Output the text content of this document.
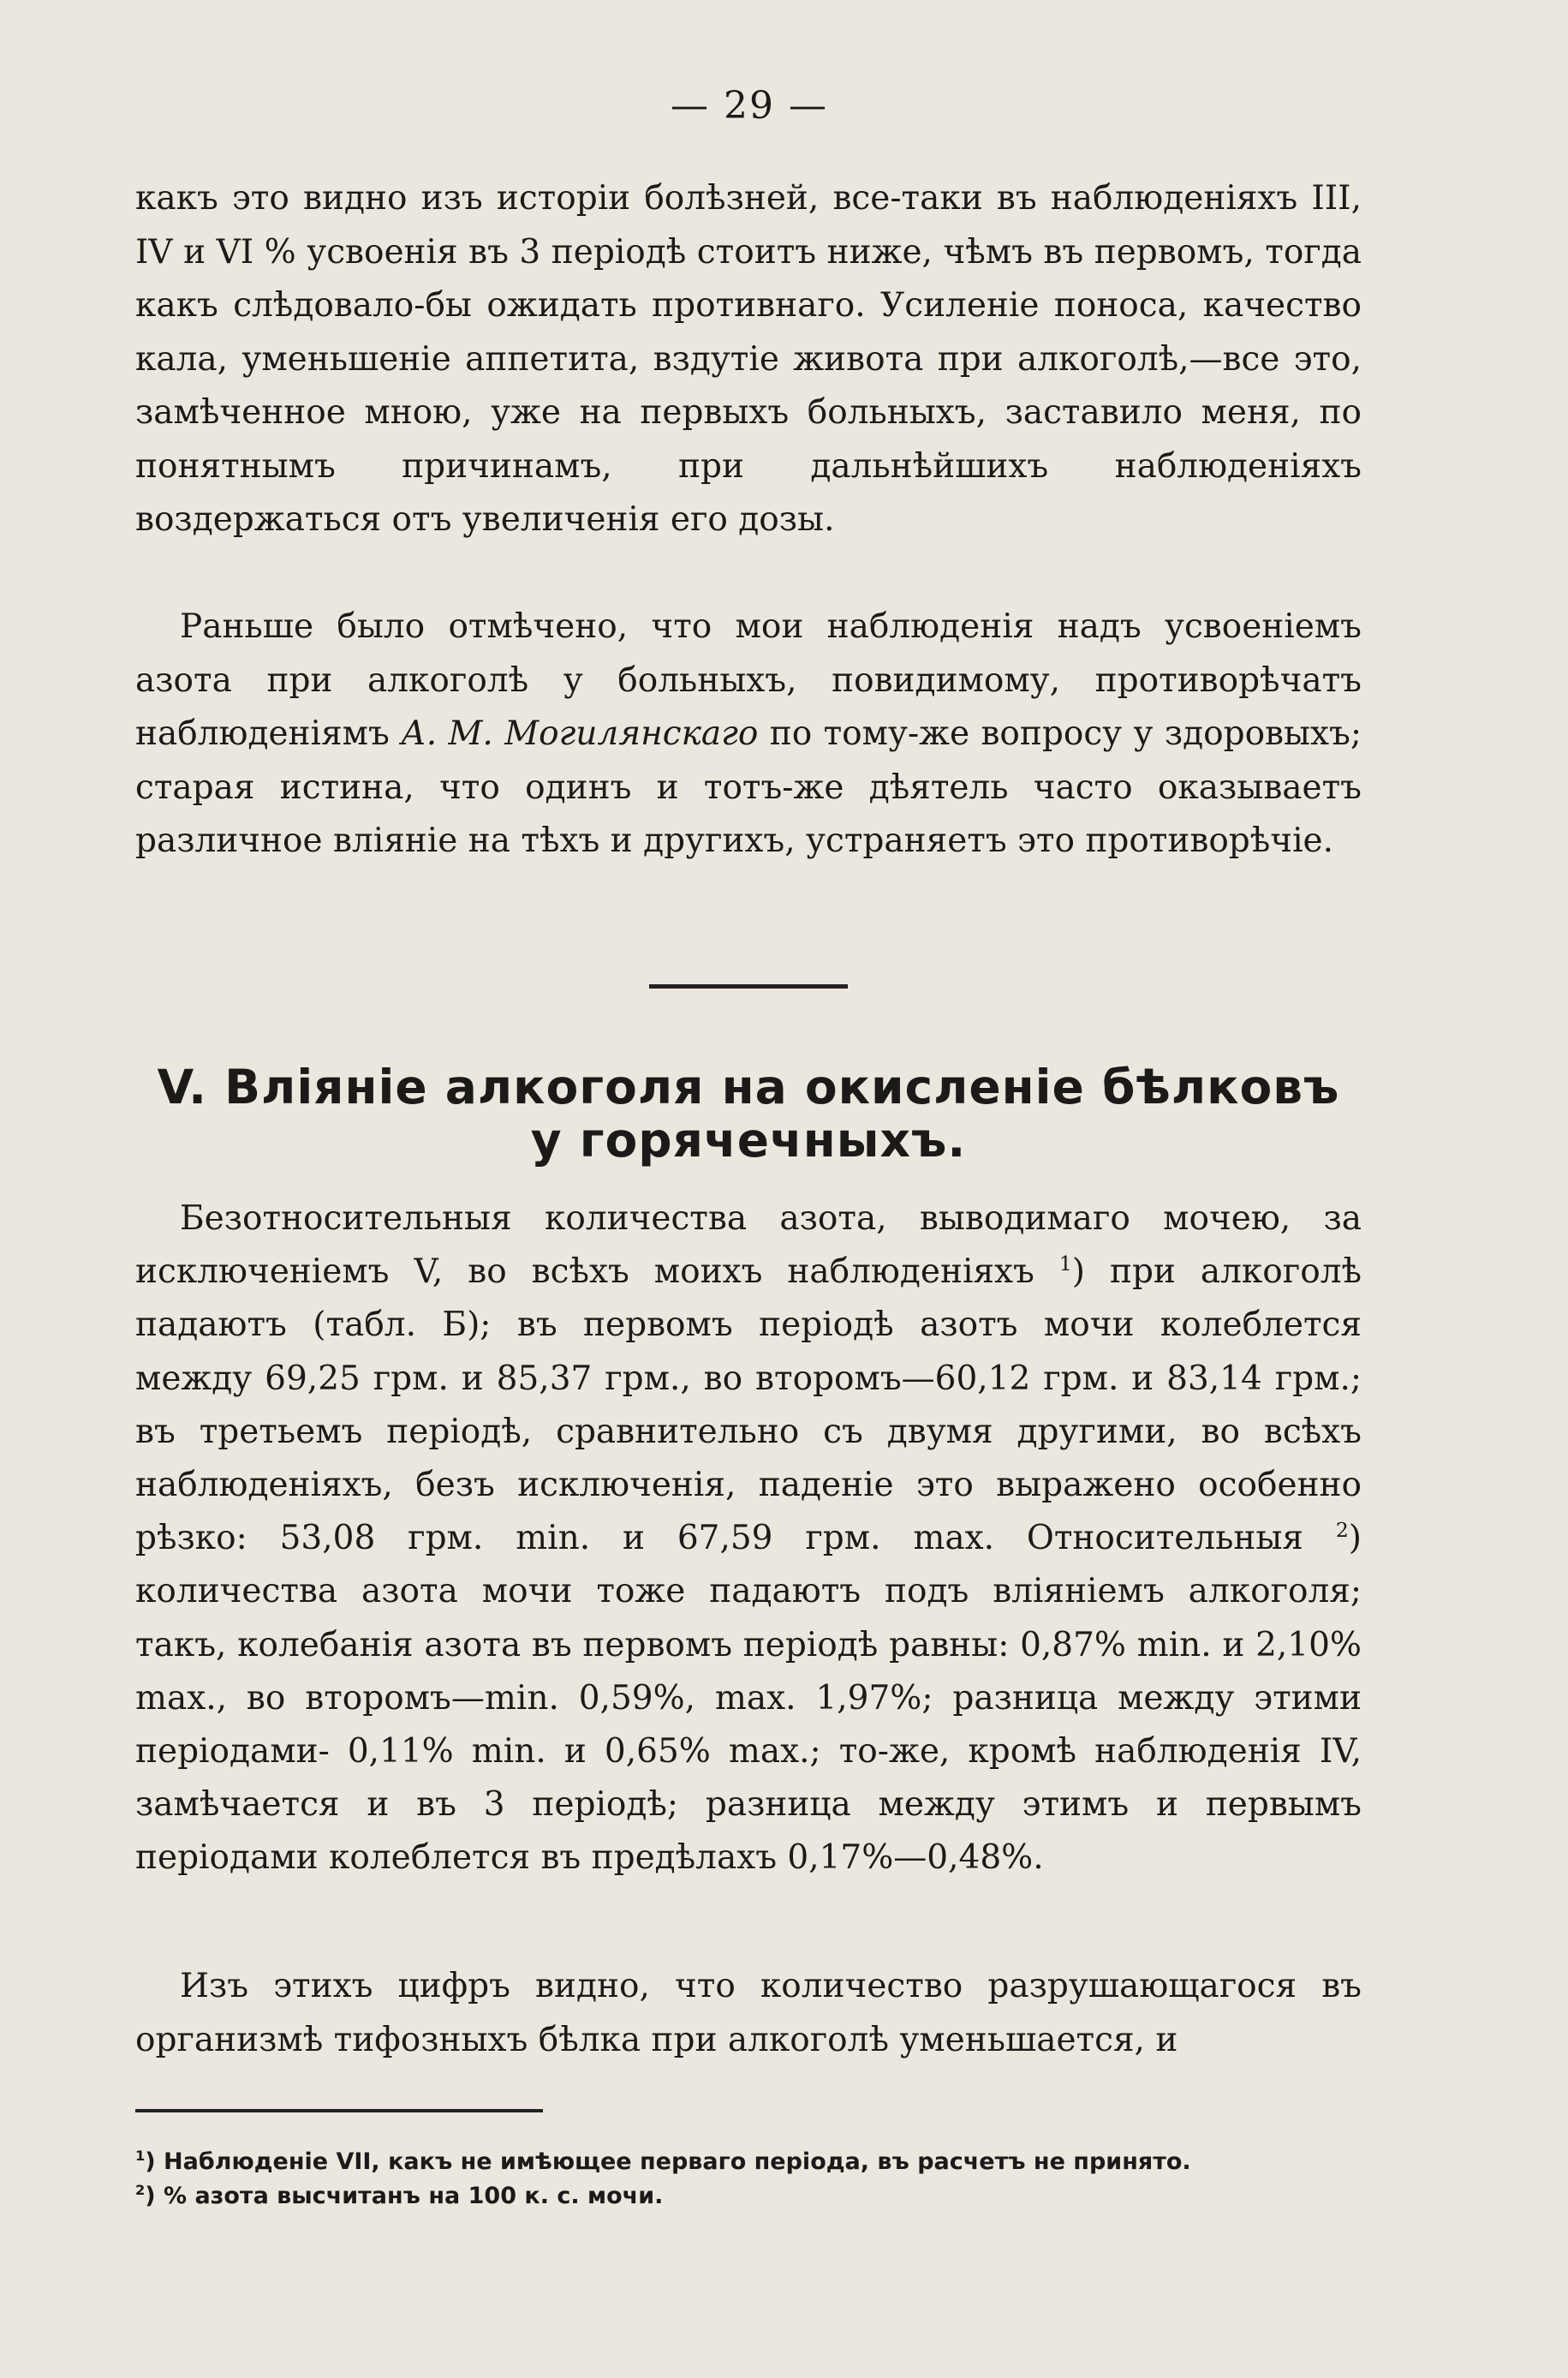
— 29 —

какъ это видно изъ исторіи болѣзней, все-таки въ наблюденіяхъ III, IV и VI % усвоенія въ 3 періодѣ стоитъ ниже, чѣмъ въ первомъ, тогда какъ слѣдовало-бы ожидать противнаго. Усиленіе поноса, качество кала, уменьшеніе аппетита, вздутіе живота при алкоголѣ,—все это, замѣченное мною, уже на первыхъ больныхъ, заставило меня, по понятнымъ причинамъ, при дальнѣйшихъ наблюденіяхъ воздержаться отъ увеличенія его дозы.

Раньше было отмѣчено, что мои наблюденія надъ усвоеніемъ азота при алкоголѣ у больныхъ, повидимому, противорѣчатъ наблюденіямъ А. М. Могилянскаго по тому-же вопросу у здоровыхъ; старая истина, что одинъ и тотъ-же дѣятель часто оказываетъ различное вліяніе на тѣхъ и другихъ, устраняетъ это противорѣчіе.

V. Вліяніе алкоголя на окисленіе бѣлковъ у горячечныхъ.

Безотносительныя количества азота, выводимаго мочею, за исключеніемъ V, во всѣхъ моихъ наблюденіяхъ $^1$) при алкоголѣ падаютъ (табл. Б); въ первомъ періодѣ азотъ мочи колеблется между 69,25 грм. и 85,37 грм., во второмъ—60,12 грм. и 83,14 грм.; въ третьемъ періодѣ, сравнительно съ двумя другими, во всѣхъ наблюденіяхъ, безъ исключенія, паденіе это выражено особенно рѣзко: 53,08 грм. min. и 67,59 грм. max. Относительныя $^2$) количества азота мочи тоже падаютъ подъ вліяніемъ алкоголя; такъ, колебанія азота въ первомъ періодѣ равны: 0,87% min. и 2,10% max., во второмъ—min. 0,59%, max. 1,97%; разница между этими періодами- 0,11% min. и 0,65% max.; то-же, кромѣ наблюденія IV, замѣчается и въ 3 періодѣ; разница между этимъ и первымъ періодами колеблется въ предѣлахъ 0,17%—0,48%.

Изъ этихъ цифръ видно, что количество разрушающагося въ организмѣ тифозныхъ бѣлка при алкоголѣ уменьшается, и

$^1$) Наблюденіе VII, какъ не имѣющее перваго періода, въ расчетъ не принято.

$^2$) % азота высчитанъ на 100 к. с. мочи.
